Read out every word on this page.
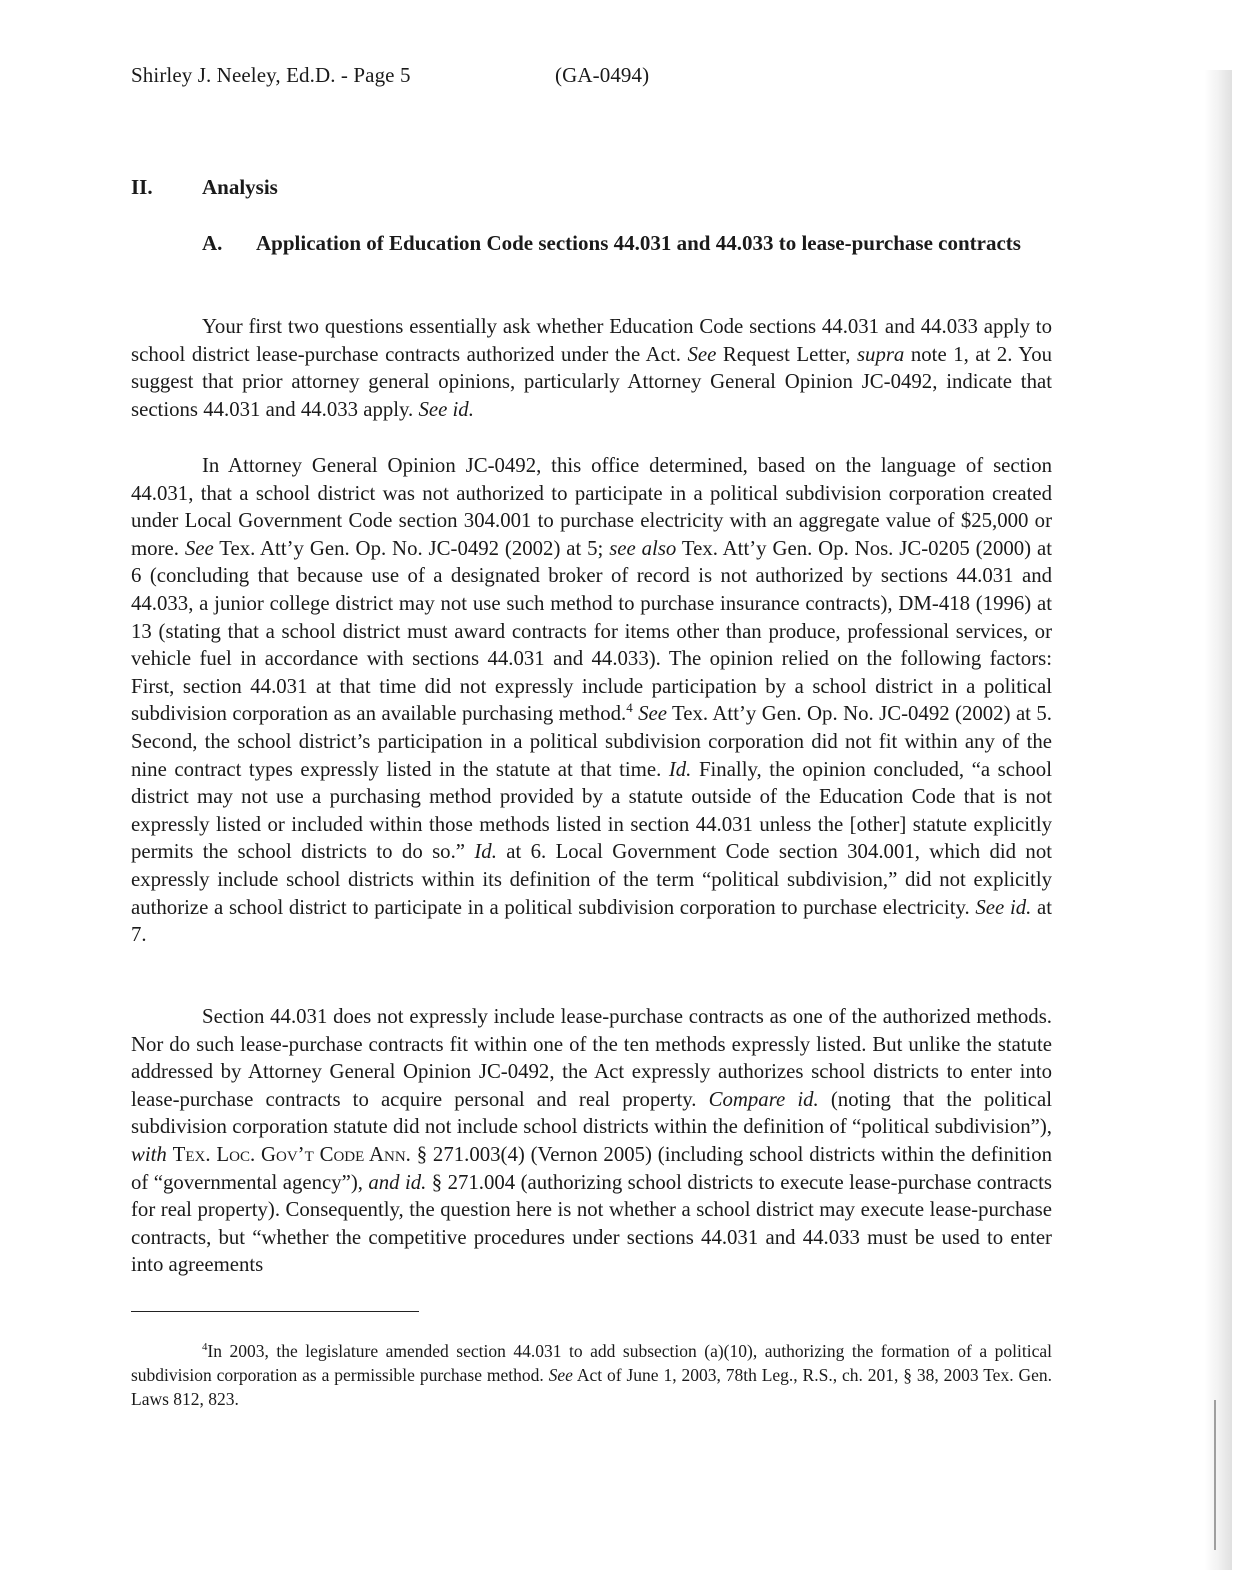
Shirley J. Neeley, Ed.D. - Page 5	(GA-0494)
II. Analysis
A. Application of Education Code sections 44.031 and 44.033 to lease-purchase contracts

Your first two questions essentially ask whether Education Code sections 44.031 and 44.033 apply to school district lease-purchase contracts authorized under the Act. See Request Letter, supra note 1, at 2. You suggest that prior attorney general opinions, particularly Attorney General Opinion JC-0492, indicate that sections 44.031 and 44.033 apply. See id.

In Attorney General Opinion JC-0492, this office determined, based on the language of section 44.031, that a school district was not authorized to participate in a political subdivision corporation created under Local Government Code section 304.001 to purchase electricity with an aggregate value of $25,000 or more. See Tex. Att’y Gen. Op. No. JC-0492 (2002) at 5; see also Tex. Att’y Gen. Op. Nos. JC-0205 (2000) at 6 (concluding that because use of a designated broker of record is not authorized by sections 44.031 and 44.033, a junior college district may not use such method to purchase insurance contracts), DM-418 (1996) at 13 (stating that a school district must award contracts for items other than produce, professional services, or vehicle fuel in accordance with sections 44.031 and 44.033). The opinion relied on the following factors: First, section 44.031 at that time did not expressly include participation by a school district in a political subdivision corporation as an available purchasing method.$^4$ See Tex. Att’y Gen. Op. No. JC-0492 (2002) at 5. Second, the school district’s participation in a political subdivision corporation did not fit within any of the nine contract types expressly listed in the statute at that time. Id. Finally, the opinion concluded, “a school district may not use a purchasing method provided by a statute outside of the Education Code that is not expressly listed or included within those methods listed in section 44.031 unless the [other] statute explicitly permits the school districts to do so.” Id. at 6. Local Government Code section 304.001, which did not expressly include school districts within its definition of the term “political subdivision,” did not explicitly authorize a school district to participate in a political subdivision corporation to purchase electricity. See id. at 7.

Section 44.031 does not expressly include lease-purchase contracts as one of the authorized methods. Nor do such lease-purchase contracts fit within one of the ten methods expressly listed. But unlike the statute addressed by Attorney General Opinion JC-0492, the Act expressly authorizes school districts to enter into lease-purchase contracts to acquire personal and real property. Compare id. (noting that the political subdivision corporation statute did not include school districts within the definition of “political subdivision”), with Tex. Loc. Gov’t Code Ann. § 271.003(4) (Vernon 2005) (including school districts within the definition of “governmental agency”), and id. § 271.004 (authorizing school districts to execute lease-purchase contracts for real property). Consequently, the question here is not whether a school district may execute lease-purchase contracts, but “whether the competitive procedures under sections 44.031 and 44.033 must be used to enter into agreements

$^4$In 2003, the legislature amended section 44.031 to add subsection (a)(10), authorizing the formation of a political subdivision corporation as a permissible purchase method. See Act of June 1, 2003, 78th Leg., R.S., ch. 201, § 38, 2003 Tex. Gen. Laws 812, 823.
